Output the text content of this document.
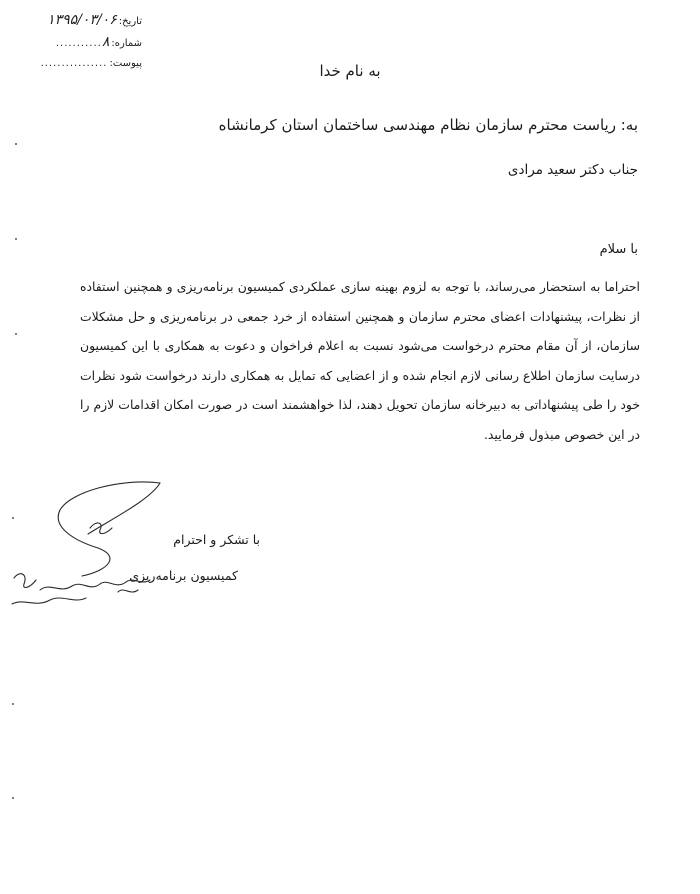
تاریخ:
۱۳۹۵/۰۳/۰۶
شماره:
۸
...........
پیوست:
......
..........	به نام خدا
به: ریاست محترم سازمان نظام مهندسی ساختمان استان کرمانشاه
جناب دکتر سعید مرادی
با سلام
احتراما به استحضار می‌رساند، با توجه به لزوم بهینه سازی عملکردی کمیسیون برنامه‌ریزی و همچنین استفاده از نظرات، پیشنهادات اعضای محترم سازمان و همچنین استفاده از خرد جمعی در برنامه‌ریزی و حل مشکلات سازمان، از آن مقام محترم درخواست می‌شود نسبت به اعلام فراخوان و دعوت به همکاری با این کمیسیون درسایت سازمان اطلاع رسانی لازم انجام شده و از اعضایی که تمایل به همکاری دارند درخواست شود نظرات خود را طی پیشنهاداتی به دبیرخانه سازمان تحویل دهند، لذا خواهشمند است در صورت امکان اقدامات لازم را در این خصوص مبذول فرمایید.
با تشکر و احترام
کمیسیون برنامه‌ریزی
